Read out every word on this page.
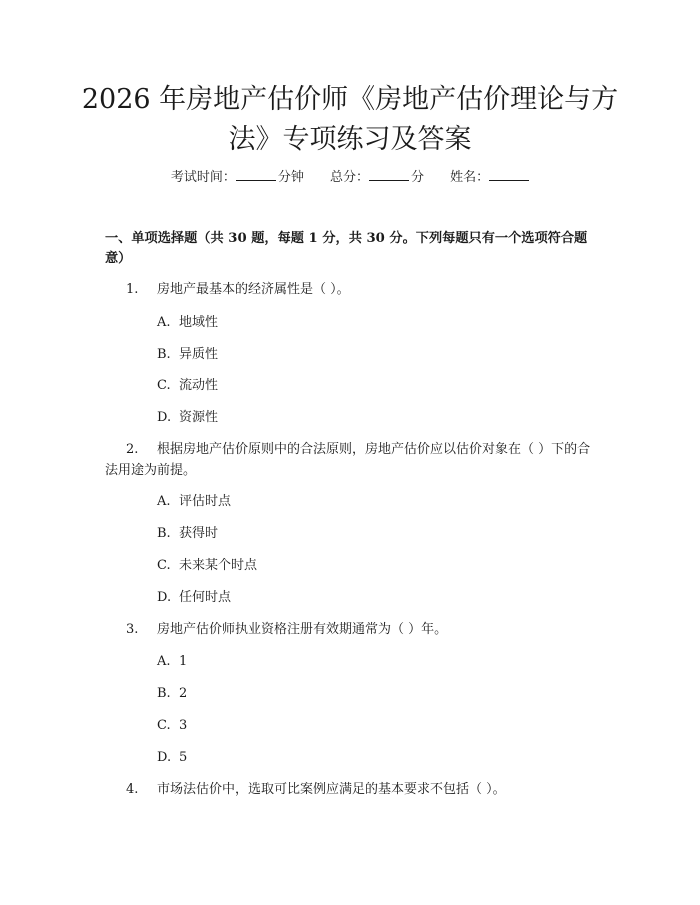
2026 年房地产估价师《房地产估价理论与方
法》专项练习及答案
考试时间：	分钟 总分：	分 姓名：

一、单项选择题（共 30 题，每题 1 分，共 30 分。下列每题只有一个选项符合题意）

1. 房地产最基本的经济属性是（ ）。

A. 地域性

B. 异质性

C. 流动性

D. 资源性

2. 根据房地产估价原则中的合法原则，房地产估价应以估价对象在（ ）下的合法用途为前提。

A. 评估时点

B. 获得时

C. 未来某个时点

D. 任何时点

3. 房地产估价师执业资格注册有效期通常为（ ）年。

A. 1

B. 2

C. 3

D. 5

4. 市场法估价中，选取可比案例应满足的基本要求不包括（ ）。
